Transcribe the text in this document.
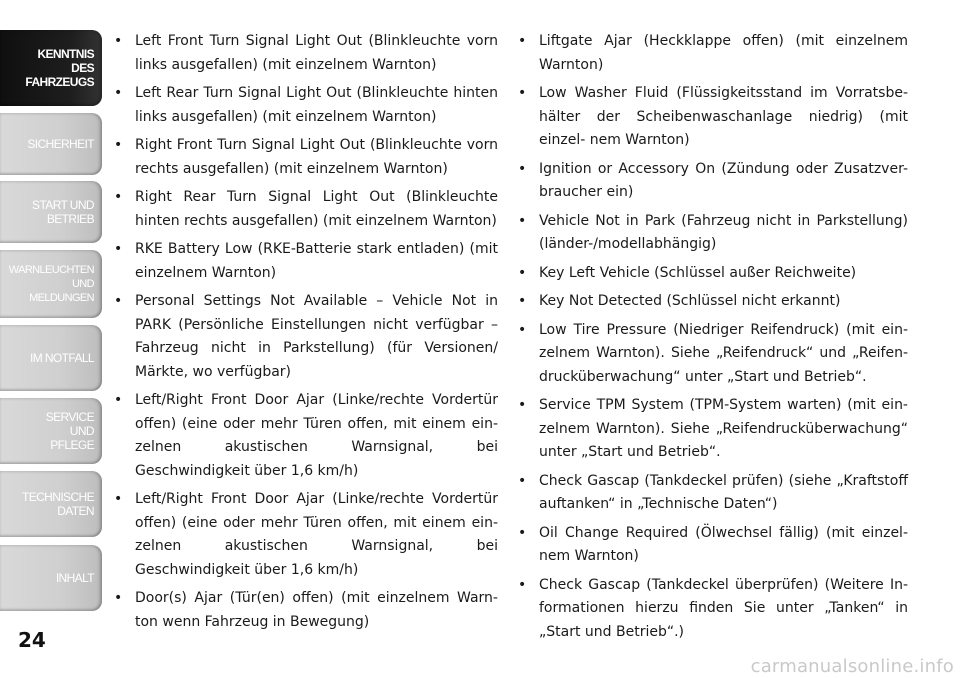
KENNTNIS
DES
FAHRZEUGS
SICHERHEIT
START UND
BETRIEB
WARNLEUCHTEN
UND
MELDUNGEN
IM NOTFALL
SERVICE
UND
PFLEGE
TECHNISCHE
DATEN
INHALT
24
• Left Front Turn Signal Light Out (Blinkleuchte vorn links ausgefallen) (mit einzelnem Warnton)
• Left Rear Turn Signal Light Out (Blinkleuchte hinten links ausgefallen) (mit einzelnem Warnton)
• Right Front Turn Signal Light Out (Blinkleuchte vorn rechts ausgefallen) (mit einzelnem Warnton)
• Right Rear Turn Signal Light Out (Blinkleuchte hinten rechts ausgefallen) (mit einzelnem Warnton)
• RKE Battery Low (RKE-Batterie stark entladen) (mit einzelnem Warnton)
• Personal Settings Not Available – Vehicle Not in PARK (Persönliche Einstellungen nicht verfügbar – Fahrzeug nicht in Parkstellung) (für Versionen/ Märkte, wo verfügbar)
• Left/Right Front Door Ajar (Linke/rechte Vordertür offen) (eine oder mehr Türen offen, mit einem ein- zelnen akustischen Warnsignal, bei Geschwindigkeit über 1,6 km/h)
• Left/Right Front Door Ajar (Linke/rechte Vordertür offen) (eine oder mehr Türen offen, mit einem ein- zelnen akustischen Warnsignal, bei Geschwindigkeit über 1,6 km/h)
• Door(s) Ajar (Tür(en) offen) (mit einzelnem Warn- ton wenn Fahrzeug in Bewegung)
• Liftgate Ajar (Heckklappe offen) (mit einzelnem Warnton)
• Low Washer Fluid (Flüssigkeitsstand im Vorratsbe- hälter der Scheibenwaschanlage niedrig) (mit einzel- nem Warnton)
• Ignition or Accessory On (Zündung oder Zusatzver- braucher ein)
• Vehicle Not in Park (Fahrzeug nicht in Parkstellung) (länder-/modellabhängig)
• Key Left Vehicle (Schlüssel außer Reichweite)
• Key Not Detected (Schlüssel nicht erkannt)
• Low Tire Pressure (Niedriger Reifendruck) (mit ein- zelnem Warnton). Siehe „Reifendruck“ und „Reifen- drucküberwachung“ unter „Start und Betrieb“.
• Service TPM System (TPM-System warten) (mit ein- zelnem Warnton). Siehe „Reifendrucküberwachung“ unter „Start und Betrieb“.
• Check Gascap (Tankdeckel prüfen) (siehe „Kraftstoff auftanken“ in „Technische Daten“)
• Oil Change Required (Ölwechsel fällig) (mit einzel- nem Warnton)
• Check Gascap (Tankdeckel überprüfen) (Weitere In- formationen hierzu finden Sie unter „Tanken“ in „Start und Betrieb“.)
carmanualsonline.info
